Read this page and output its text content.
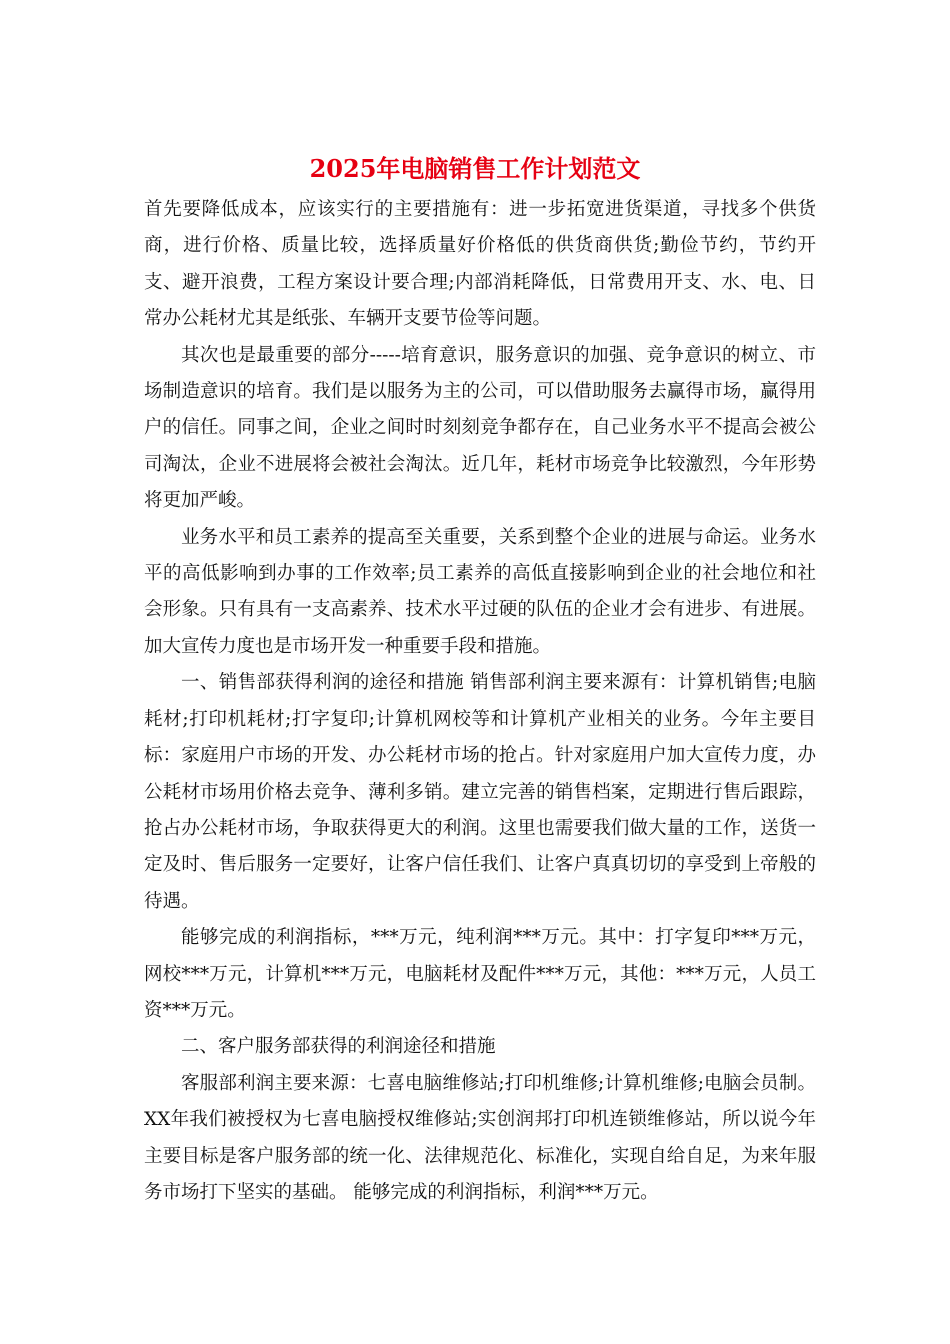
2025年电脑销售工作计划范文

首先要降低成本，应该实行的主要措施有：进一步拓宽进货渠道，寻找多个供货商，进行价格、质量比较，选择质量好价格低的供货商供货;勤俭节约，节约开支、避开浪费，工程方案设计要合理;内部消耗降低，日常费用开支、水、电、日常办公耗材尤其是纸张、车辆开支要节俭等问题。

其次也是最重要的部分-----培育意识，服务意识的加强、竞争意识的树立、市场制造意识的培育。我们是以服务为主的公司，可以借助服务去赢得市场，赢得用户的信任。同事之间，企业之间时时刻刻竞争都存在，自己业务水平不提高会被公司淘汰，企业不进展将会被社会淘汰。近几年，耗材市场竞争比较激烈，今年形势将更加严峻。

业务水平和员工素养的提高至关重要，关系到整个企业的进展与命运。业务水平的高低影响到办事的工作效率;员工素养的高低直接影响到企业的社会地位和社会形象。只有具有一支高素养、技术水平过硬的队伍的企业才会有进步、有进展。 加大宣传力度也是市场开发一种重要手段和措施。

一、销售部获得利润的途径和措施 销售部利润主要来源有：计算机销售;电脑耗材;打印机耗材;打字复印;计算机网校等和计算机产业相关的业务。今年主要目标：家庭用户市场的开发、办公耗材市场的抢占。针对家庭用户加大宣传力度，办公耗材市场用价格去竞争、薄利多销。建立完善的销售档案，定期进行售后跟踪，抢占办公耗材市场，争取获得更大的利润。这里也需要我们做大量的工作，送货一定及时、售后服务一定要好，让客户信任我们、让客户真真切切的享受到上帝般的待遇。

能够完成的利润指标，***万元，纯利润***万元。其中：打字复印***万元，网校***万元，计算机***万元，电脑耗材及配件***万元，其他：***万元，人员工资***万元。

二、客户服务部获得的利润途径和措施

客服部利润主要来源：七喜电脑维修站;打印机维修;计算机维修;电脑会员制。XX年我们被授权为七喜电脑授权维修站;实创润邦打印机连锁维修站，所以说今年主要目标是客户服务部的统一化、法律规范化、标准化，实现自给自足，为来年服务市场打下坚实的基础。 能够完成的利润指标，利润***万元。
